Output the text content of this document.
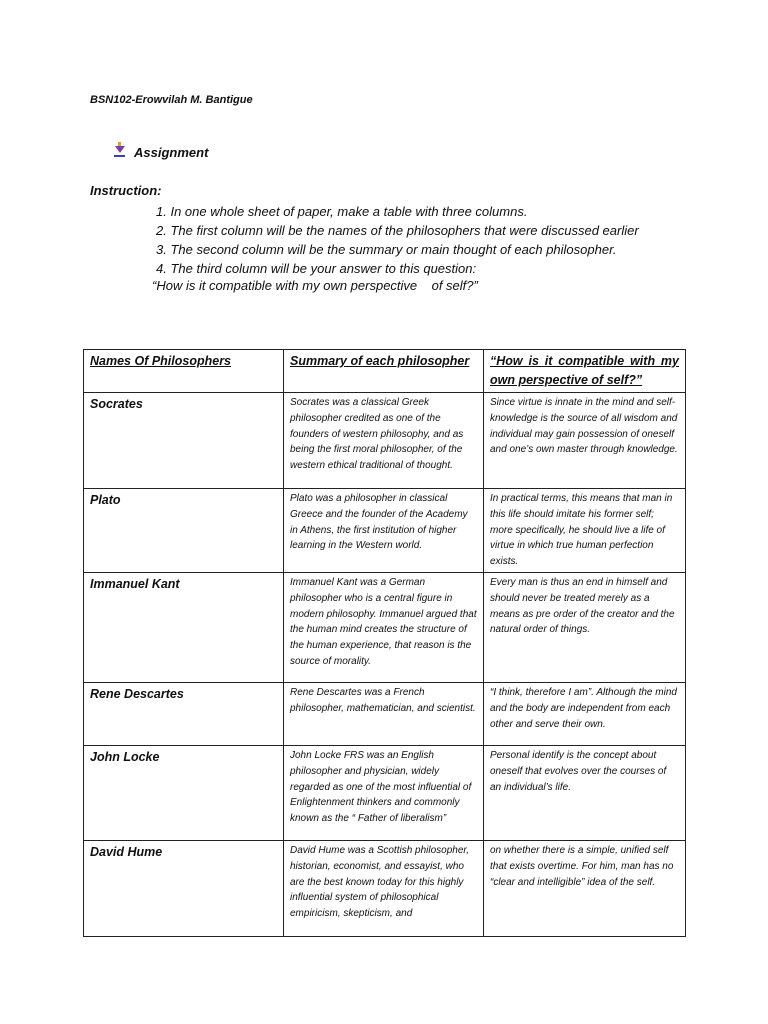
BSN102-Erowvilah M. Bantigue
Assignment
Instruction:
1. In one whole sheet of paper, make a table with three columns.
2. The first column will be the names of the philosophers that were discussed earlier
3. The second column will be the summary or main thought of each philosopher.
4. The third column will be your answer to this question:
“How is it compatible with my own perspective    of self?”
Names Of Philosophers	Summary of each philosopher	“How is it compatible with my own perspective of self?”
Socrates	Socrates was a classical Greek philosopher credited as one of the founders of western philosophy, and as being the first moral philosopher, of the western ethical traditional of thought.	Since virtue is innate in the mind and self-knowledge is the source of all wisdom and individual may gain possession of oneself and one’s own master through knowledge.
Plato	Plato was a philosopher in classical Greece and the founder of the Academy in Athens, the first institution of higher learning in the Western world.	In practical terms, this means that man in this life should imitate his former self; more specifically, he should live a life of virtue in which true human perfection exists.
Immanuel Kant	Immanuel Kant was a German philosopher who is a central figure in modern philosophy. Immanuel argued that the human mind creates the structure of the human experience, that reason is the source of morality.	Every man is thus an end in himself and should never be treated merely as a means as pre order of the creator and the natural order of things.
Rene Descartes	Rene Descartes was a French philosopher, mathematician, and scientist.	“I think, therefore I am”. Although the mind and the body are independent from each other and serve their own.
John Locke	John Locke FRS was an English philosopher and physician, widely regarded as one of the most influential of Enlightenment thinkers and commonly known as the “ Father of liberalism”	Personal identify is the concept about oneself that evolves over the courses of an individual’s life.
David Hume	David Hume was a Scottish philosopher, historian, economist, and essayist, who are the best known today for this highly influential system of philosophical empiricism, skepticism, and	on whether there is a simple, unified self that exists overtime. For him, man has no “clear and intelligible” idea of the self.
